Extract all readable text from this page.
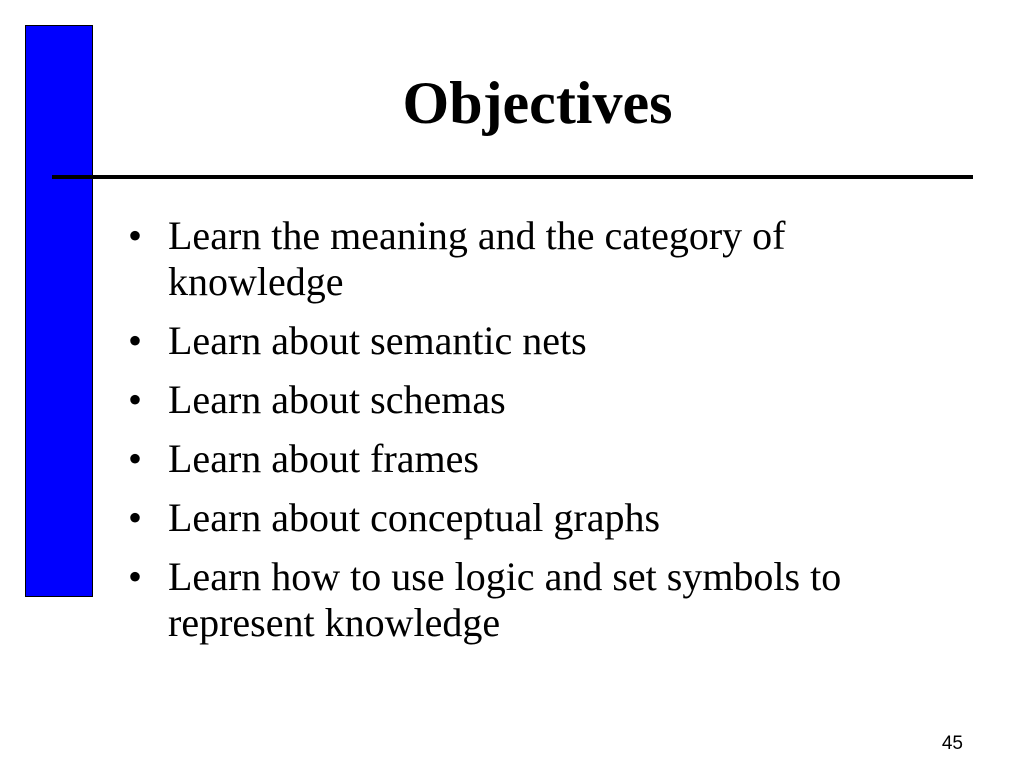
Objectives
• Learn the meaning and the category of knowledge
• Learn about semantic nets
• Learn about schemas
• Learn about frames
• Learn about conceptual graphs
• Learn how to use logic and set symbols to represent knowledge
45
